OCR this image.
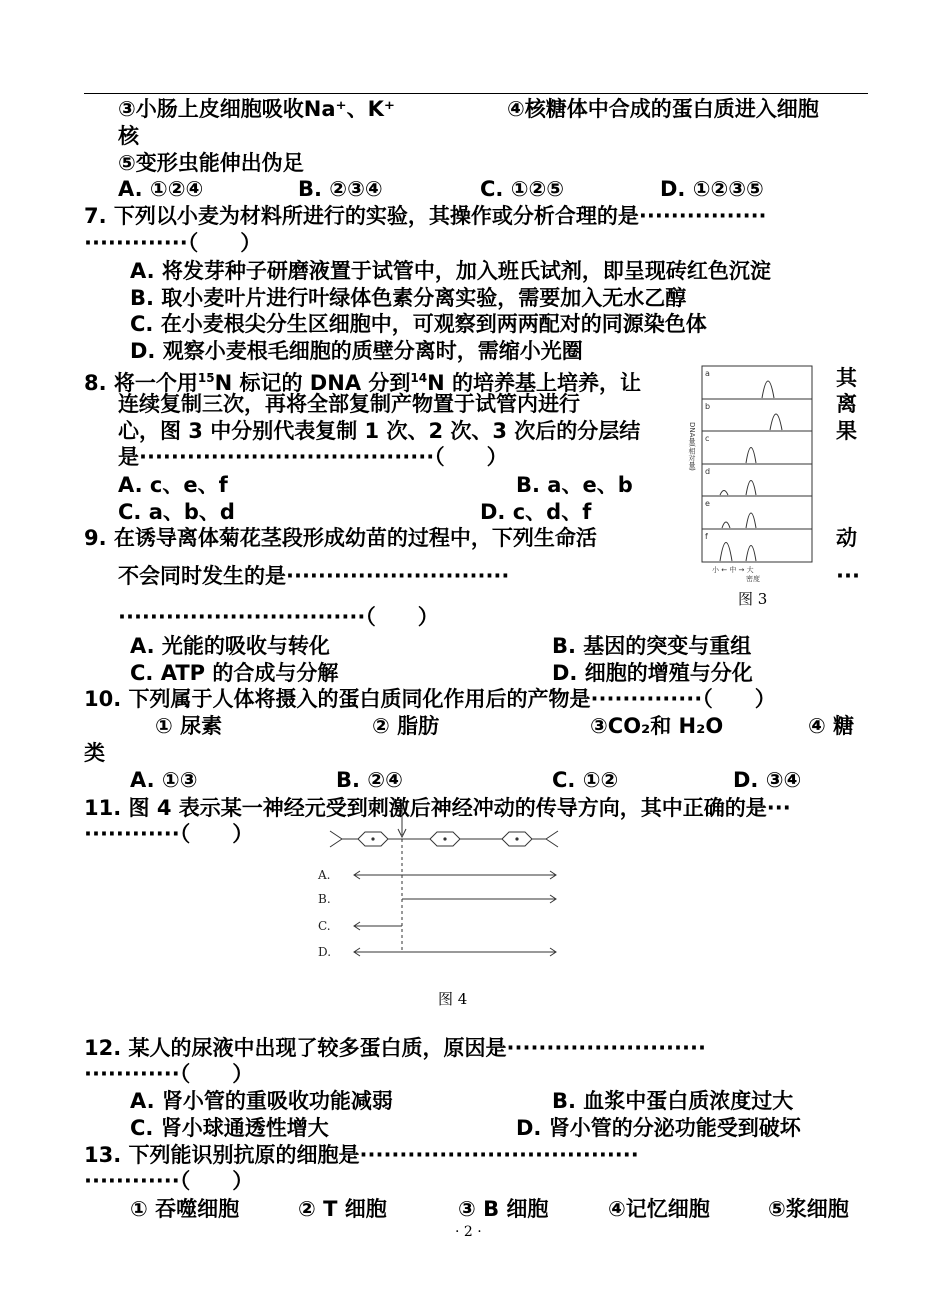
③小肠上皮细胞吸收Na⁺、K⁺	④核糖体中合成的蛋白质进入细胞
核
⑤变形虫能伸出伪足
A. ①②④	B. ②③④	C. ①②⑤	D. ①②③⑤
7. 下列以小麦为材料所进行的实验，其操作或分析合理的是················
·············（　　）
A. 将发芽种子研磨液置于试管中，加入班氏试剂，即呈现砖红色沉淀
B. 取小麦叶片进行叶绿体色素分离实验，需要加入无水乙醇
C. 在小麦根尖分生区细胞中，可观察到两两配对的同源染色体
D. 观察小麦根毛细胞的质壁分离时，需缩小光圈
8. 将一个用$^{15}$N 标记的 DNA 分到$^{14}$N 的培养基上培养，让	其
连续复制三次，再将全部复制产物置于试管内进行	离
心，图 3 中分别代表复制 1 次、2 次、3 次后的分层结	果
是·····································（　　）
A. c、e、f	B. a、e、b
C. a、b、d	D. c、d、f
a
b
c
d
e
f
DNA量(相对量)
小 ← 中 → 大
密度
图 3
9. 在诱导离体菊花茎段形成幼苗的过程中，下列生命活	动
不会同时发生的是····························	···
·······························（　　）
A. 光能的吸收与转化	B. 基因的突变与重组
C. ATP 的合成与分解	D. 细胞的增殖与分化
10. 下列属于人体将摄入的蛋白质同化作用后的产物是··············（　　）
① 尿素	② 脂肪	③CO₂和 H₂O	④ 糖
类
A. ①③	B. ②④	C. ①②	D. ③④
11. 图 4 表示某一神经元受到刺激后神经冲动的传导方向，其中正确的是···
············（　　）
A.
B.
C.
D.
图 4
12. 某人的尿液中出现了较多蛋白质，原因是·························
············（　　）
A. 肾小管的重吸收功能减弱	B. 血浆中蛋白质浓度过大
C. 肾小球通透性增大	D. 肾小管的分泌功能受到破坏
13. 下列能识别抗原的细胞是···································
············（　　）
① 吞噬细胞	② T 细胞	③ B 细胞	④记忆细胞	⑤浆细胞
· 2 ·
